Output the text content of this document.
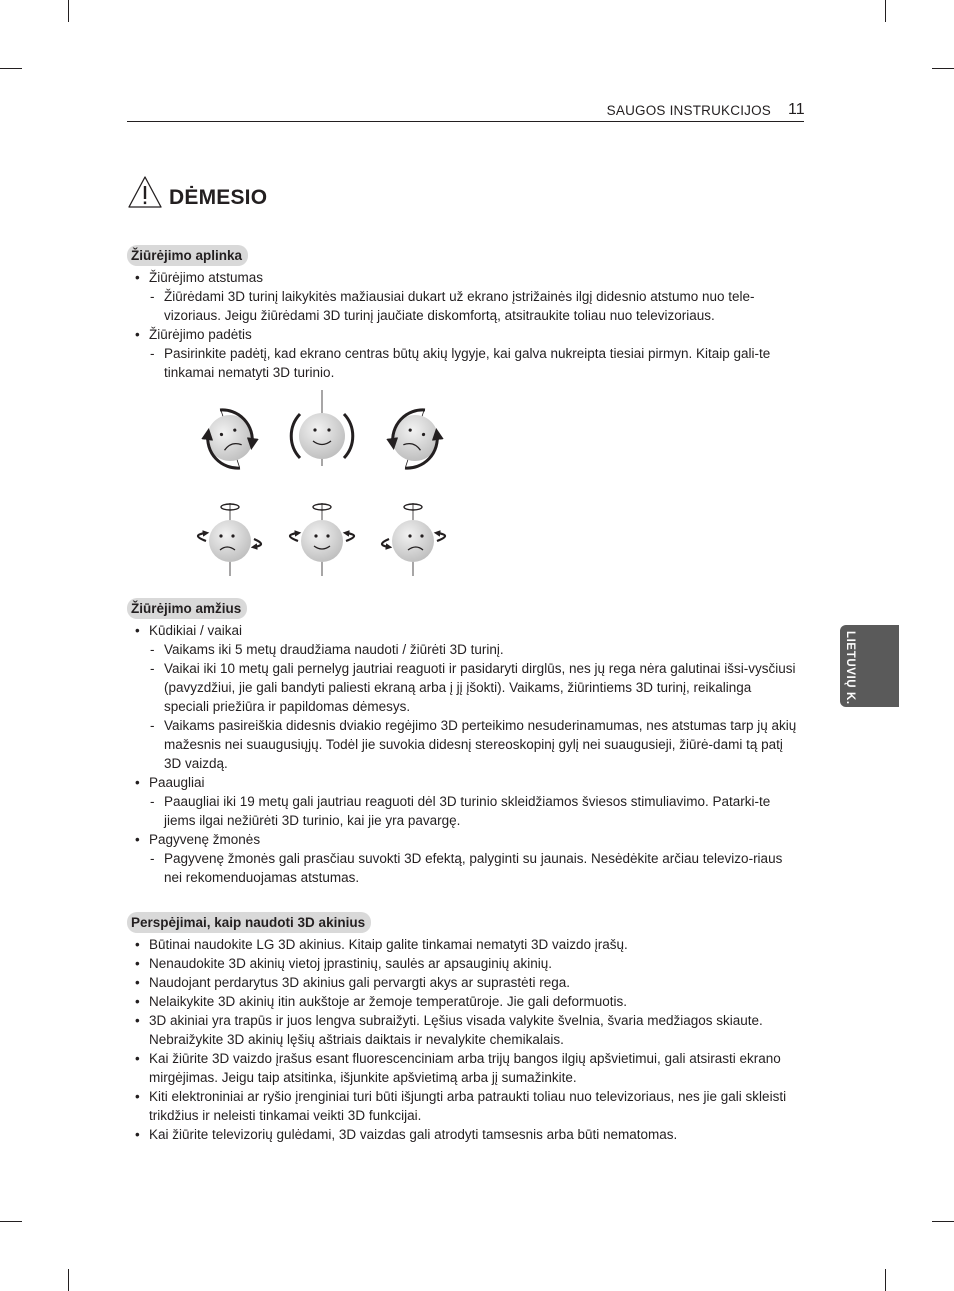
SAUGOS INSTRUKCIJOS 11
DĖMESIO
Žiūrėjimo aplinka
• Žiūrėjimo atstumas
- Žiūrėdami 3D turinį laikykitės mažiausiai dukart už ekrano įstrižainės ilgį didesnio atstumo nuo tele-vizoriaus. Jeigu žiūrėdami 3D turinį jaučiate diskomfortą, atsitraukite toliau nuo televizoriaus.
• Žiūrėjimo padėtis
- Pasirinkite padėtį, kad ekrano centras būtų akių lygyje, kai galva nukreipta tiesiai pirmyn. Kitaip gali-te tinkamai nematyti 3D turinio.
Žiūrėjimo amžius
• Kūdikiai / vaikai
- Vaikams iki 5 metų draudžiama naudoti / žiūrėti 3D turinį.
- Vaikai iki 10 metų gali pernelyg jautriai reaguoti ir pasidaryti dirglūs, nes jų rega nėra galutinai išsi-vysčiusi (pavyzdžiui, jie gali bandyti paliesti ekraną arba į jį įšokti). Vaikams, žiūrintiems 3D turinį, reikalinga speciali priežiūra ir papildomas dėmesys.
- Vaikams pasireiškia didesnis dviakio regėjimo 3D perteikimo nesuderinamumas, nes atstumas tarp jų akių mažesnis nei suaugusiųjų. Todėl jie suvokia didesnį stereoskopinį gylį nei suaugusieji, žiūrė-dami tą patį 3D vaizdą.
• Paaugliai
- Paaugliai iki 19 metų gali jautriau reaguoti dėl 3D turinio skleidžiamos šviesos stimuliavimo. Patarki-te jiems ilgai nežiūrėti 3D turinio, kai jie yra pavargę.
• Pagyvenę žmonės
- Pagyvenę žmonės gali prasčiau suvokti 3D efektą, palyginti su jaunais. Nesėdėkite arčiau televizo-riaus nei rekomenduojamas atstumas.
Perspėjimai, kaip naudoti 3D akinius
• Būtinai naudokite LG 3D akinius. Kitaip galite tinkamai nematyti 3D vaizdo įrašų.
• Nenaudokite 3D akinių vietoj įprastinių, saulės ar apsauginių akinių.
• Naudojant perdarytus 3D akinius gali pervargti akys ar suprastėti rega.
• Nelaikykite 3D akinių itin aukštoje ar žemoje temperatūroje. Jie gali deformuotis.
• 3D akiniai yra trapūs ir juos lengva subraižyti. Lęšius visada valykite švelnia, švaria medžiagos skiaute. Nebraižykite 3D akinių lęšių aštriais daiktais ir nevalykite chemikalais.
• Kai žiūrite 3D vaizdo įrašus esant fluorescenciniam arba trijų bangos ilgių apšvietimui, gali atsirasti ekrano mirgėjimas. Jeigu taip atsitinka, išjunkite apšvietimą arba jį sumažinkite.
• Kiti elektroniniai ar ryšio įrenginiai turi būti išjungti arba patraukti toliau nuo televizoriaus, nes jie gali skleisti trikdžius ir neleisti tinkamai veikti 3D funkcijai.
• Kai žiūrite televizorių gulėdami, 3D vaizdas gali atrodyti tamsesnis arba būti nematomas.
LIETUVIŲ K.
